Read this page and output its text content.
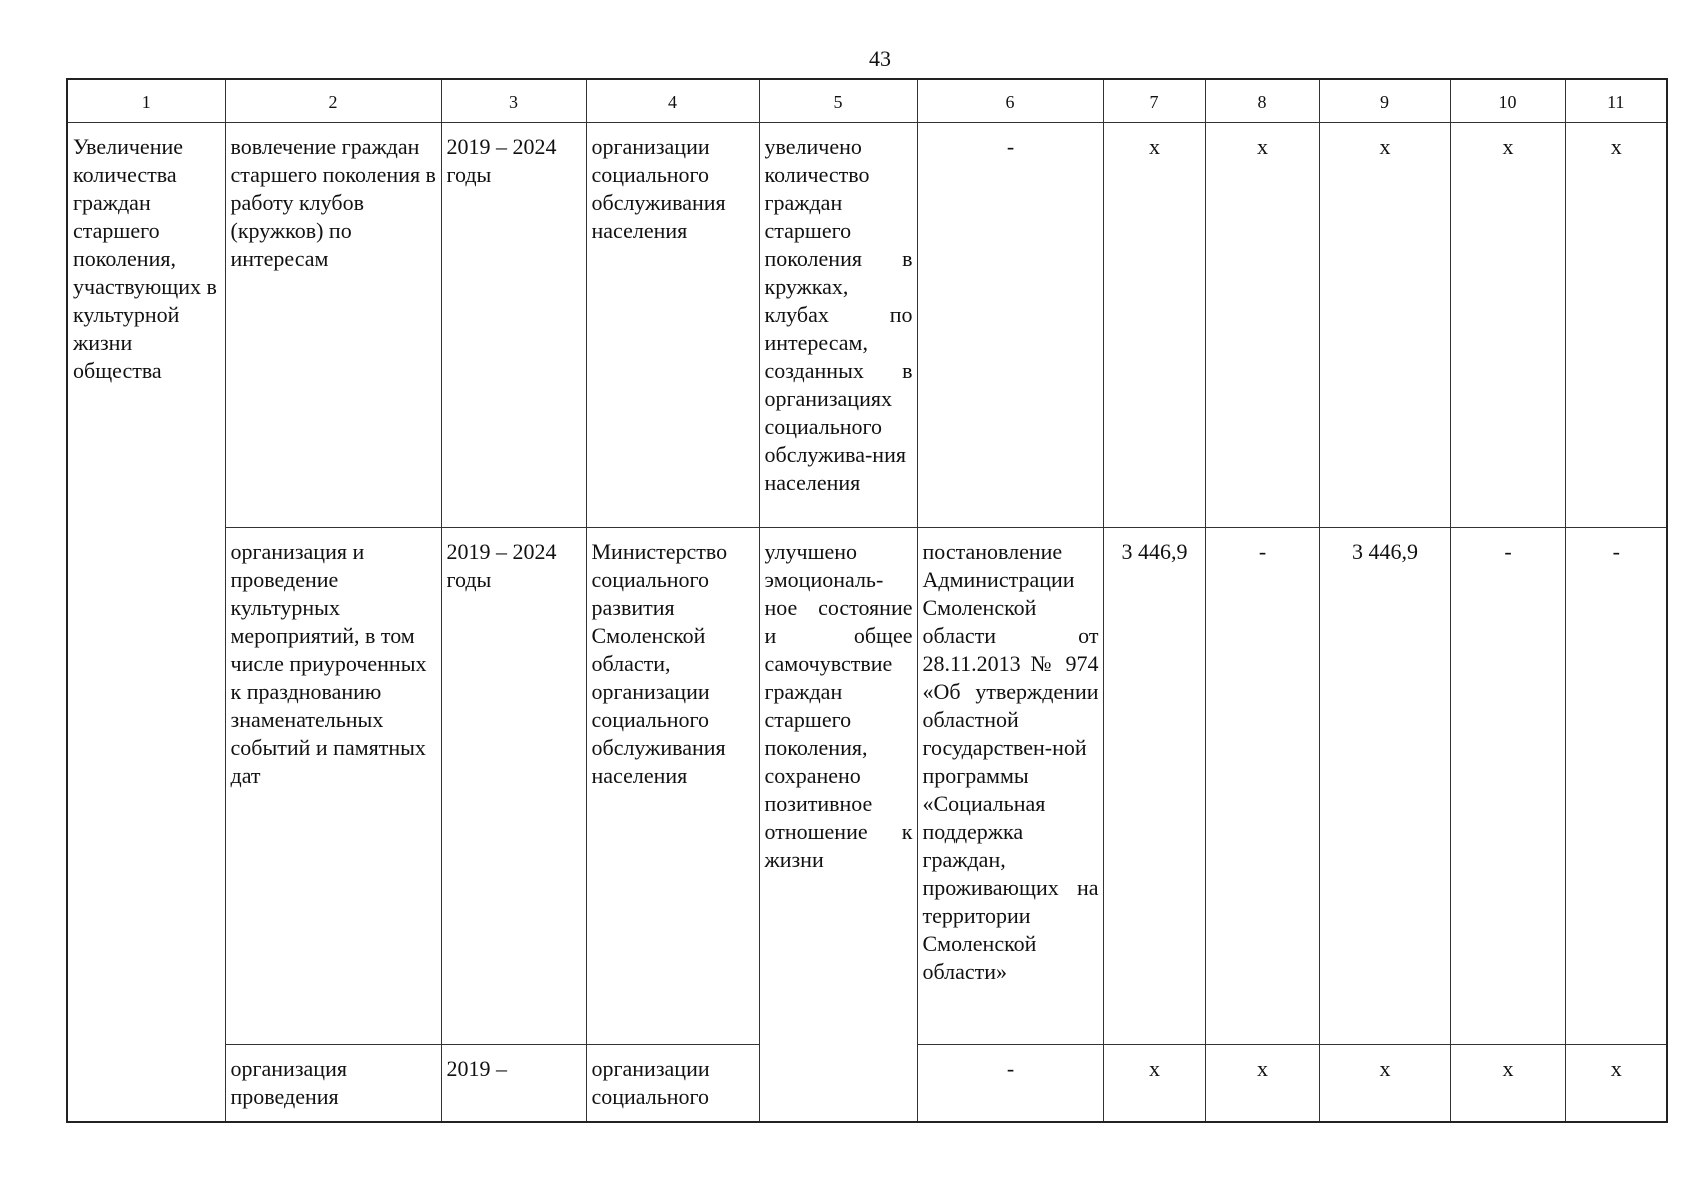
43
1	2	3	4	5	6	7	8	9	10	11
Увеличение количества граждан старшего поколения, участвующих в культурной жизни общества	вовлечение граждан старшего поколения в работу клубов (кружков) по интересам	2019 – 2024 годы	организации социального обслуживания населения	увеличено количество граждан старшего поколения в кружках, клубах по интересам, созданных в организациях социального обслужива-ния населения	-	х	х	х	х	х
	организация и проведение культурных мероприятий, в том числе приуроченных к празднованию знаменательных событий и памятных дат	2019 – 2024 годы	Министерство социального развития Смоленской области, организации социального обслуживания населения	улучшено эмоциональ-ное состояние и общее самочувствие граждан старшего поколения, сохранено позитивное отношение к жизни	постановление Администрации Смоленской области от 28.11.2013 № 974 «Об утверждении областной государствен-ной программы «Социальная поддержка граждан, проживающих на территории Смоленской области»	3 446,9	-	3 446,9	-	-
	организация проведения	2019 –	организации социального		-	х	х	х	х	х
